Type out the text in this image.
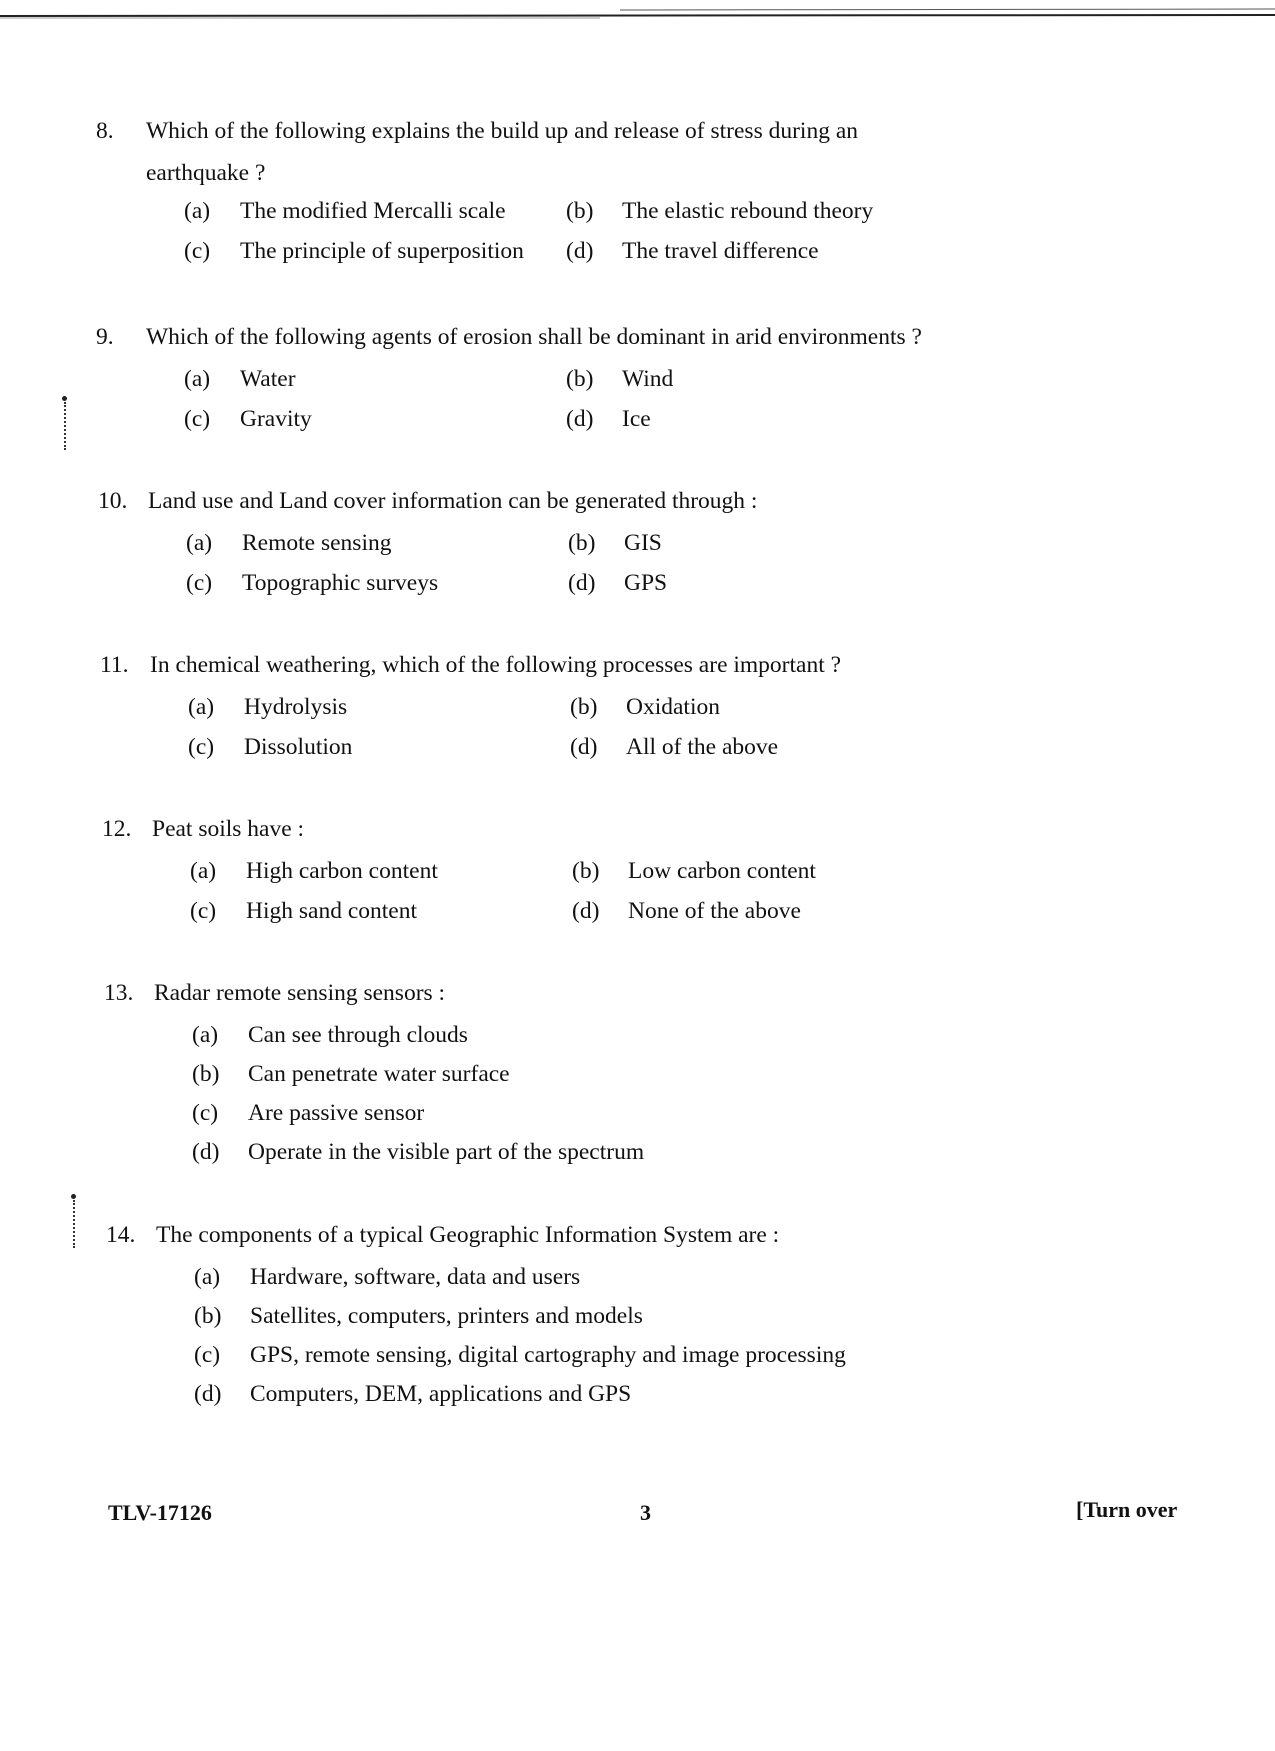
8. Which of the following explains the build up and release of stress during an
earthquake ?
(a) The modified Mercalli scale	(b) The elastic rebound theory
(c) The principle of superposition (d) The travel difference
9. Which of the following agents of erosion shall be dominant in arid environments ?
(a) Water	(b) Wind
(c) Gravity	(d) Ice
10. Land use and Land cover information can be generated through :
(a) Remote sensing	(b) GIS
(c) Topographic surveys	(d) GPS
11. In chemical weathering, which of the following processes are important ?
(a) Hydrolysis	(b) Oxidation
(c) Dissolution	(d) All of the above
12. Peat soils have :
(a) High carbon content	(b) Low carbon content
(c) High sand content	(d) None of the above
13. Radar remote sensing sensors :
(a) Can see through clouds
(b) Can penetrate water surface
(c) Are passive sensor
(d) Operate in the visible part of the spectrum
14. The components of a typical Geographic Information System are :
(a) Hardware, software, data and users
(b) Satellites, computers, printers and models
(c) GPS, remote sensing, digital cartography and image processing
(d) Computers, DEM, applications and GPS
TLV-17126	3	[Turn over
